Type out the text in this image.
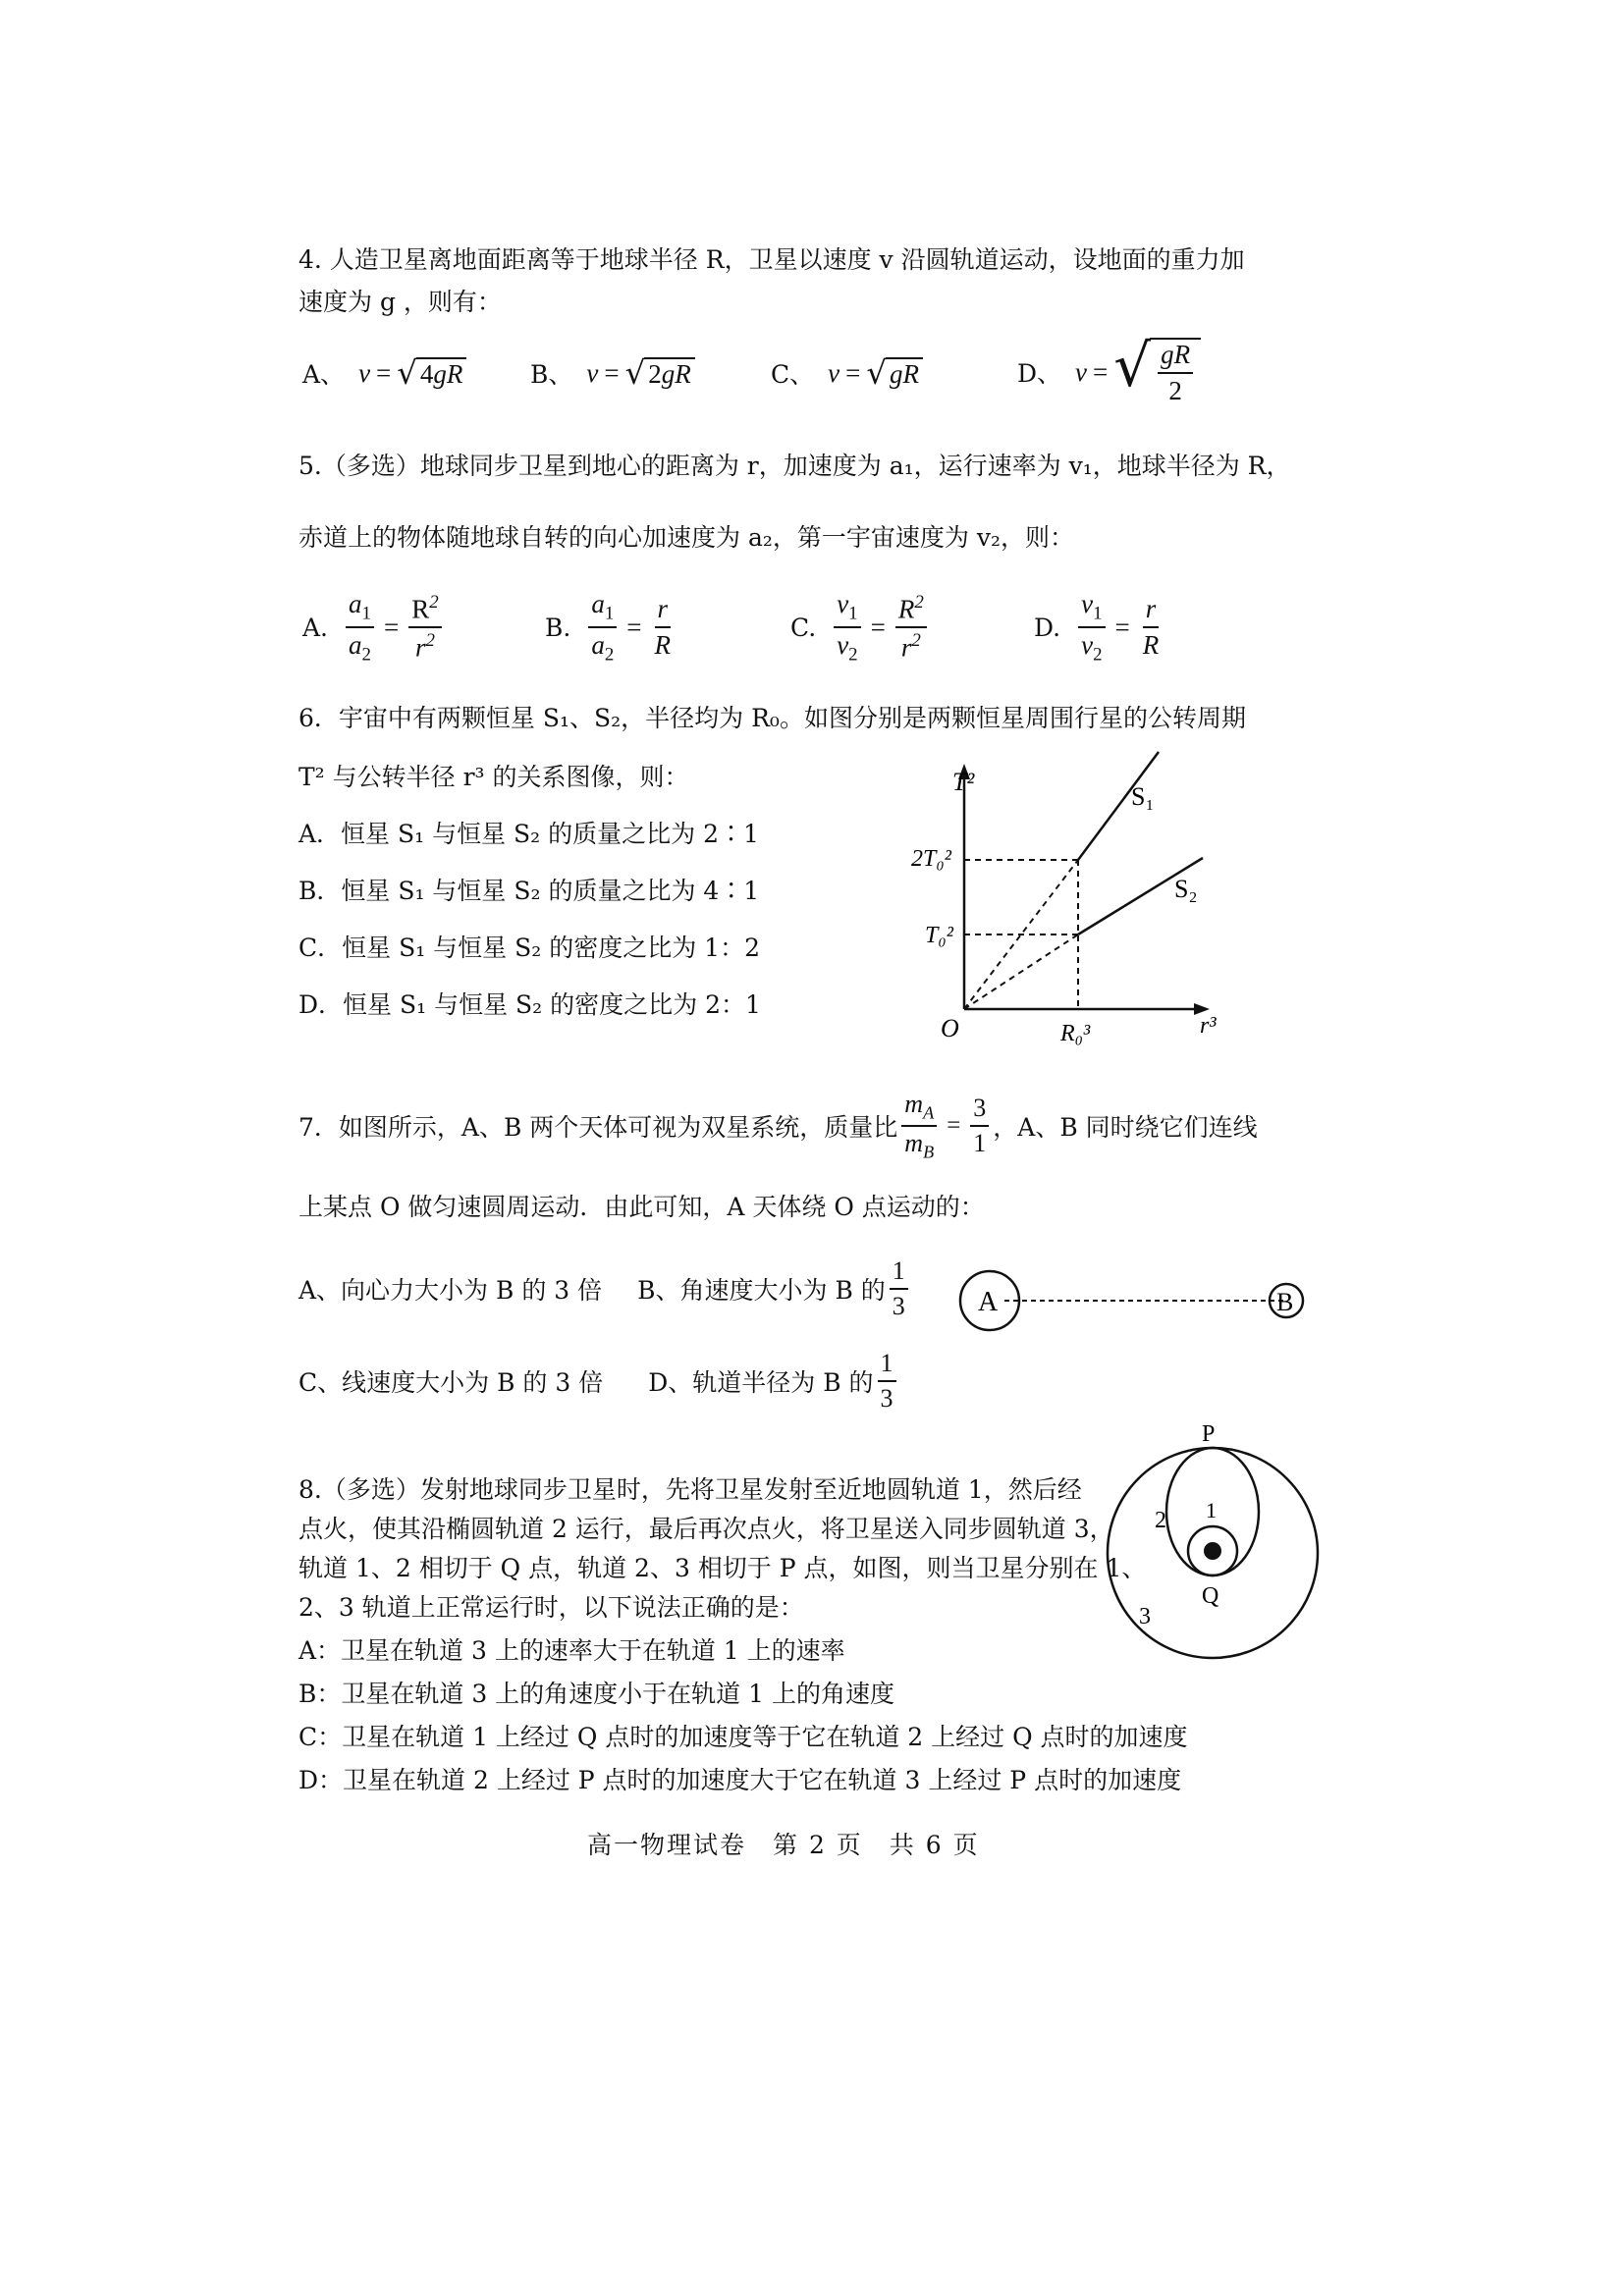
4. 人造卫星离地面距离等于地球半径 R，卫星以速度 v 沿圆轨道运动，设地面的重力加
速度为 g ，则有：
A、 v = √ 4 gR	B、 v = √ 2 gR	C、 v = √ gR	D、 v = √ $\frac{gR}{2}$
5.（多选）地球同步卫星到地心的距离为 r，加速度为 a₁，运行速率为 v₁，地球半径为 R，
赤道上的物体随地球自转的向心加速度为 a₂，第一宇宙速度为 v₂，则：
A. $\frac{a_1}{a_2} = \frac{R^2}{r^2}$	B. $\frac{a_1}{a_2} = \frac{r}{R}$	C. $\frac{v_1}{v_2} = \frac{R^2}{r^2}$	D. $\frac{v_1}{v_2} = \frac{r}{R}$
6．宇宙中有两颗恒星 S₁、S₂，半径均为 R₀。如图分别是两颗恒星周围行星的公转周期
T² 与公转半径 r³ 的关系图像，则：
A．恒星 S₁ 与恒星 S₂ 的质量之比为 2∶1
B．恒星 S₁ 与恒星 S₂ 的质量之比为 4∶1
C．恒星 S₁ 与恒星 S₂ 的密度之比为 1：2
D．恒星 S₁ 与恒星 S₂ 的密度之比为 2：1
T²
S₁
S₂
2T₀²
T₀²
O	R₀³	r³
7．如图所示，A、B 两个天体可视为双星系统，质量比 $\frac{m_A}{m_B} = \frac{3}{1}$ ，A、B 同时绕它们连线
上某点 O 做匀速圆周运动．由此可知，A 天体绕 O 点运动的：
A、向心力大小为 B 的 3 倍 B、角速度大小为 B 的 $\frac{1}{3}$
C、线速度大小为 B 的 3 倍 D、轨道半径为 B 的 $\frac{1}{3}$
A	B
8.（多选）发射地球同步卫星时，先将卫星发射至近地圆轨道 1，然后经
点火，使其沿椭圆轨道 2 运行，最后再次点火，将卫星送入同步圆轨道 3，
轨道 1、2 相切于 Q 点，轨道 2、3 相切于 P 点，如图，则当卫星分别在 1、
2、3 轨道上正常运行时，以下说法正确的是：
A：卫星在轨道 3 上的速率大于在轨道 1 上的速率
B：卫星在轨道 3 上的角速度小于在轨道 1 上的角速度
C：卫星在轨道 1 上经过 Q 点时的加速度等于它在轨道 2 上经过 Q 点时的加速度
D：卫星在轨道 2 上经过 P 点时的加速度大于它在轨道 3 上经过 P 点时的加速度
P
Q
1
2
3
高一物理试卷　第 2 页　共 6 页
